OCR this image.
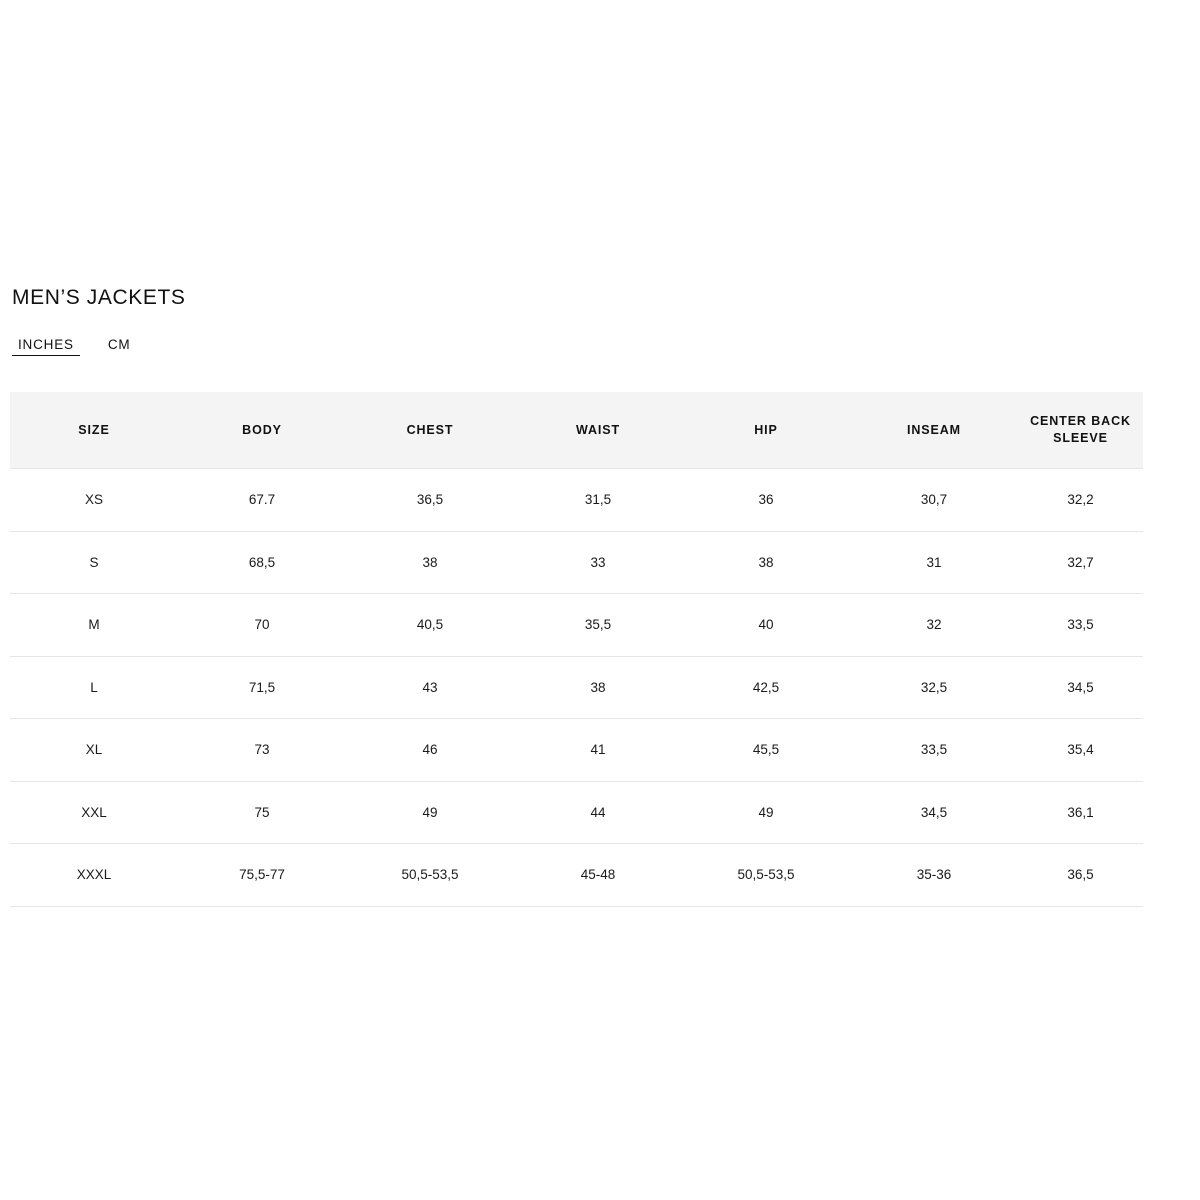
MEN’S JACKETS
INCHES	CM
SIZE	BODY	CHEST	WAIST	HIP	INSEAM	CENTER BACK SLEEVE
XS	67.7	36,5	31,5	36	30,7	32,2
S	68,5	38	33	38	31	32,7
M	70	40,5	35,5	40	32	33,5
L	71,5	43	38	42,5	32,5	34,5
XL	73	46	41	45,5	33,5	35,4
XXL	75	49	44	49	34,5	36,1
XXXL	75,5-77	50,5-53,5	45-48	50,5-53,5	35-36	36,5
